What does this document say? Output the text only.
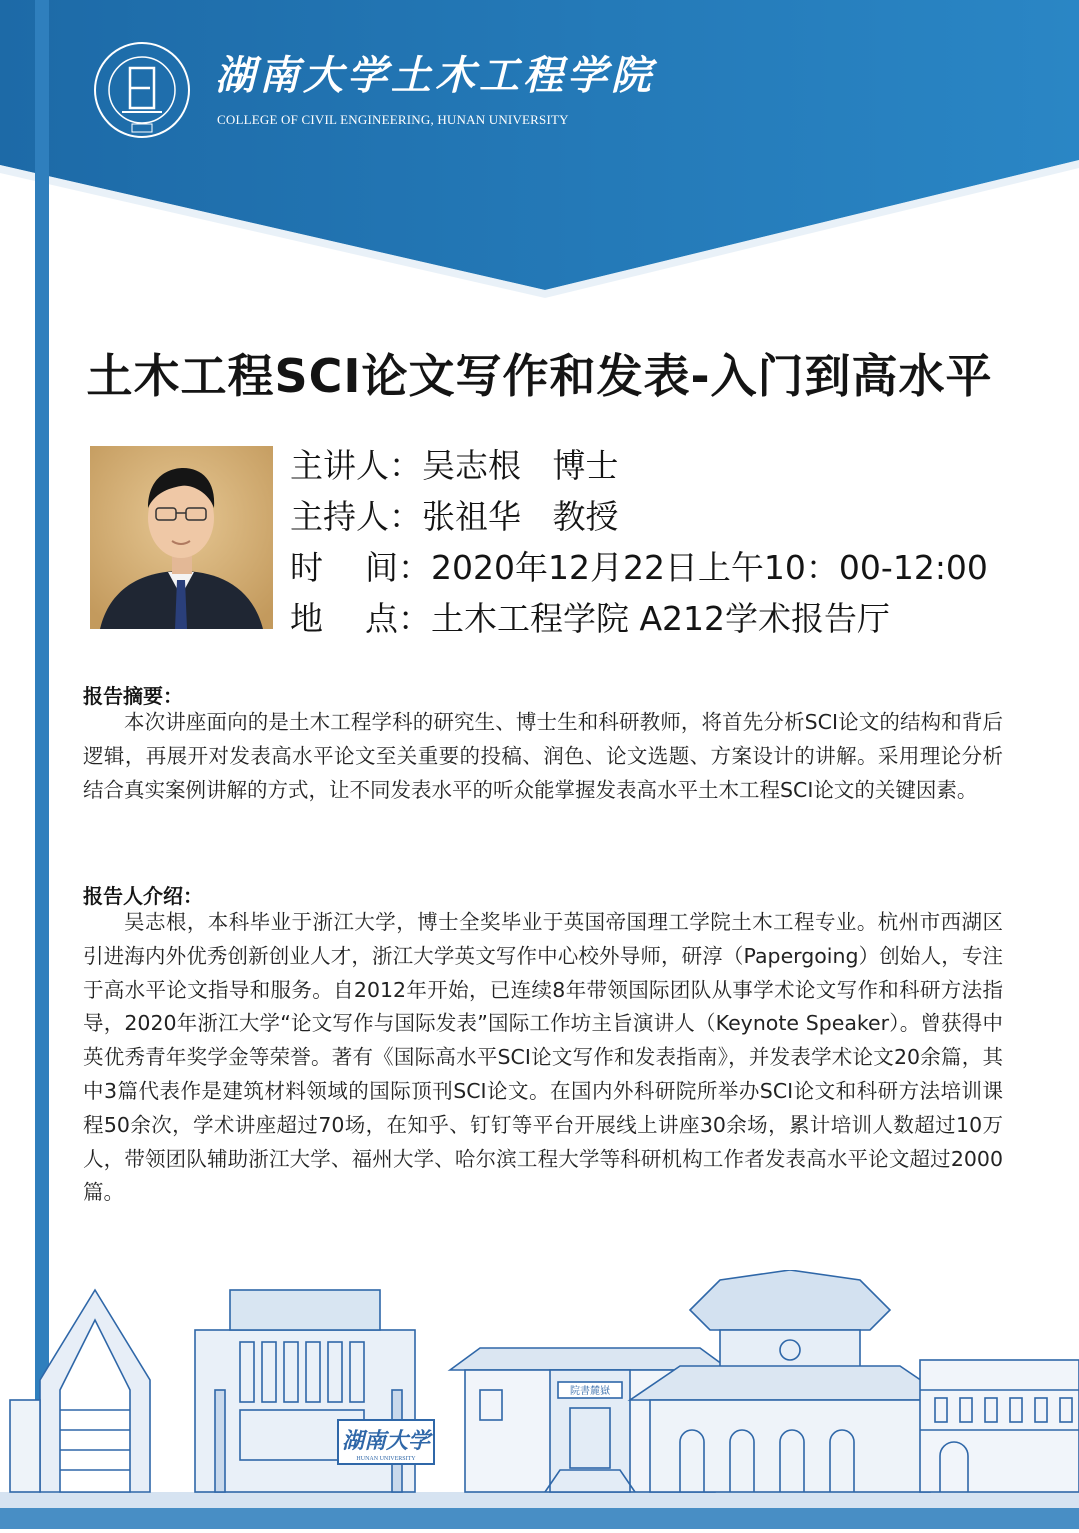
湖南大学土木工程学院
COLLEGE OF CIVIL ENGINEERING, HUNAN UNIVERSITY
土木工程SCI论文写作和发表-入门到高水平
主讲人：吴志根   博士
主持人：张祖华   教授
时    间：2020年12月22日上午10：00-12:00
地    点：土木工程学院 A212学术报告厅
报告摘要：
本次讲座面向的是土木工程学科的研究生、博士生和科研教师，将首先分析SCI论文的结构和背后逻辑，再展开对发表高水平论文至关重要的投稿、润色、论文选题、方案设计的讲解。采用理论分析结合真实案例讲解的方式，让不同发表水平的听众能掌握发表高水平土木工程SCI论文的关键因素。
报告人介绍：
吴志根，本科毕业于浙江大学，博士全奖毕业于英国帝国理工学院土木工程专业。杭州市西湖区引进海内外优秀创新创业人才，浙江大学英文写作中心校外导师，研淳（Papergoing）创始人，专注于高水平论文指导和服务。自2012年开始，已连续8年带领国际团队从事学术论文写作和科研方法指导，2020年浙江大学“论文写作与国际发表”国际工作坊主旨演讲人（Keynote Speaker）。曾获得中英优秀青年奖学金等荣誉。著有《国际高水平SCI论文写作和发表指南》，并发表学术论文20余篇，其中3篇代表作是建筑材料领域的国际顶刊SCI论文。在国内外科研院所举办SCI论文和科研方法培训课程50余次，学术讲座超过70场，在知乎、钉钉等平台开展线上讲座30余场，累计培训人数超过10万人，带领团队辅助浙江大学、福州大学、哈尔滨工程大学等科研机构工作者发表高水平论文超过2000篇。
湖南大学
HUNAN UNIVERSITY
院書麓嶽
